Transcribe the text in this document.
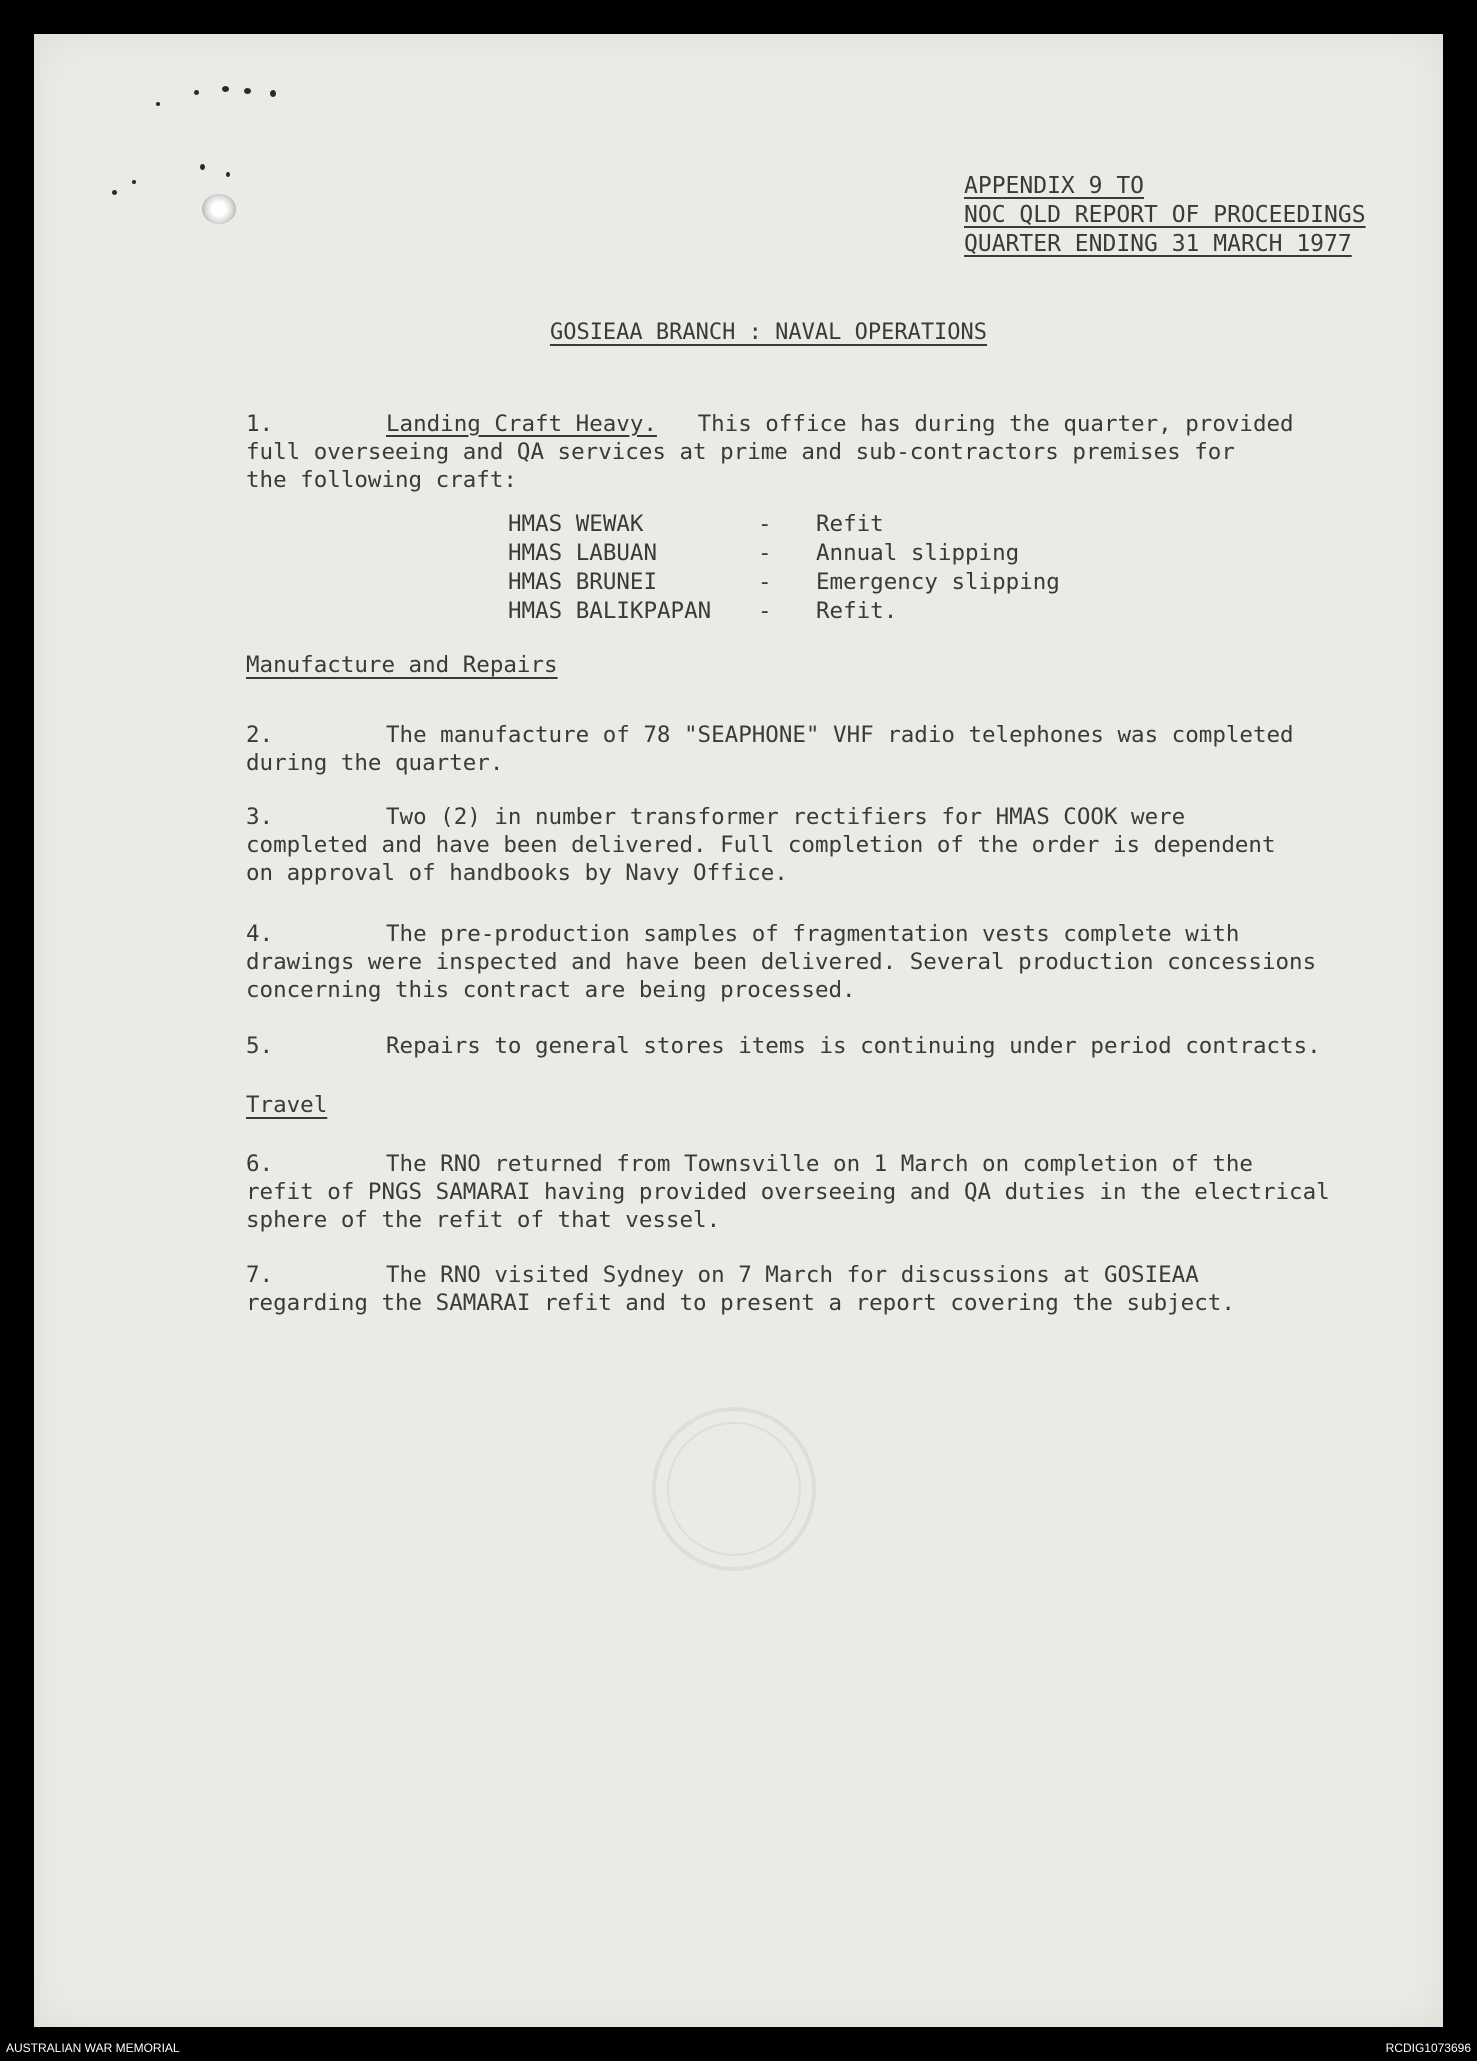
APPENDIX 9 TO
NOC QLD REPORT OF PROCEEDINGS
QUARTER ENDING 31 MARCH 1977
GOSIEAA BRANCH : NAVAL OPERATIONS
1.	Landing Craft Heavy. This office has during the quarter, provided
full overseeing and QA services at prime and sub-contractors premises for
the following craft:
HMAS WEWAK	-	Refit
HMAS LABUAN	-	Annual slipping
HMAS BRUNEI	-	Emergency slipping
HMAS BALIKPAPAN	-	Refit.
Manufacture and Repairs
2.	The manufacture of 78 "SEAPHONE" VHF radio telephones was completed
during the quarter.
3.	Two (2) in number transformer rectifiers for HMAS COOK were
completed and have been delivered. Full completion of the order is dependent
on approval of handbooks by Navy Office.
4.	The pre-production samples of fragmentation vests complete with
drawings were inspected and have been delivered. Several production concessions
concerning this contract are being processed.
5.	Repairs to general stores items is continuing under period contracts.
Travel
6.	The RNO returned from Townsville on 1 March on completion of the
refit of PNGS SAMARAI having provided overseeing and QA duties in the electrical
sphere of the refit of that vessel.
7.	The RNO visited Sydney on 7 March for discussions at GOSIEAA
regarding the SAMARAI refit and to present a report covering the subject.
AUSTRALIAN WAR MEMORIAL	RCDIG1073696
